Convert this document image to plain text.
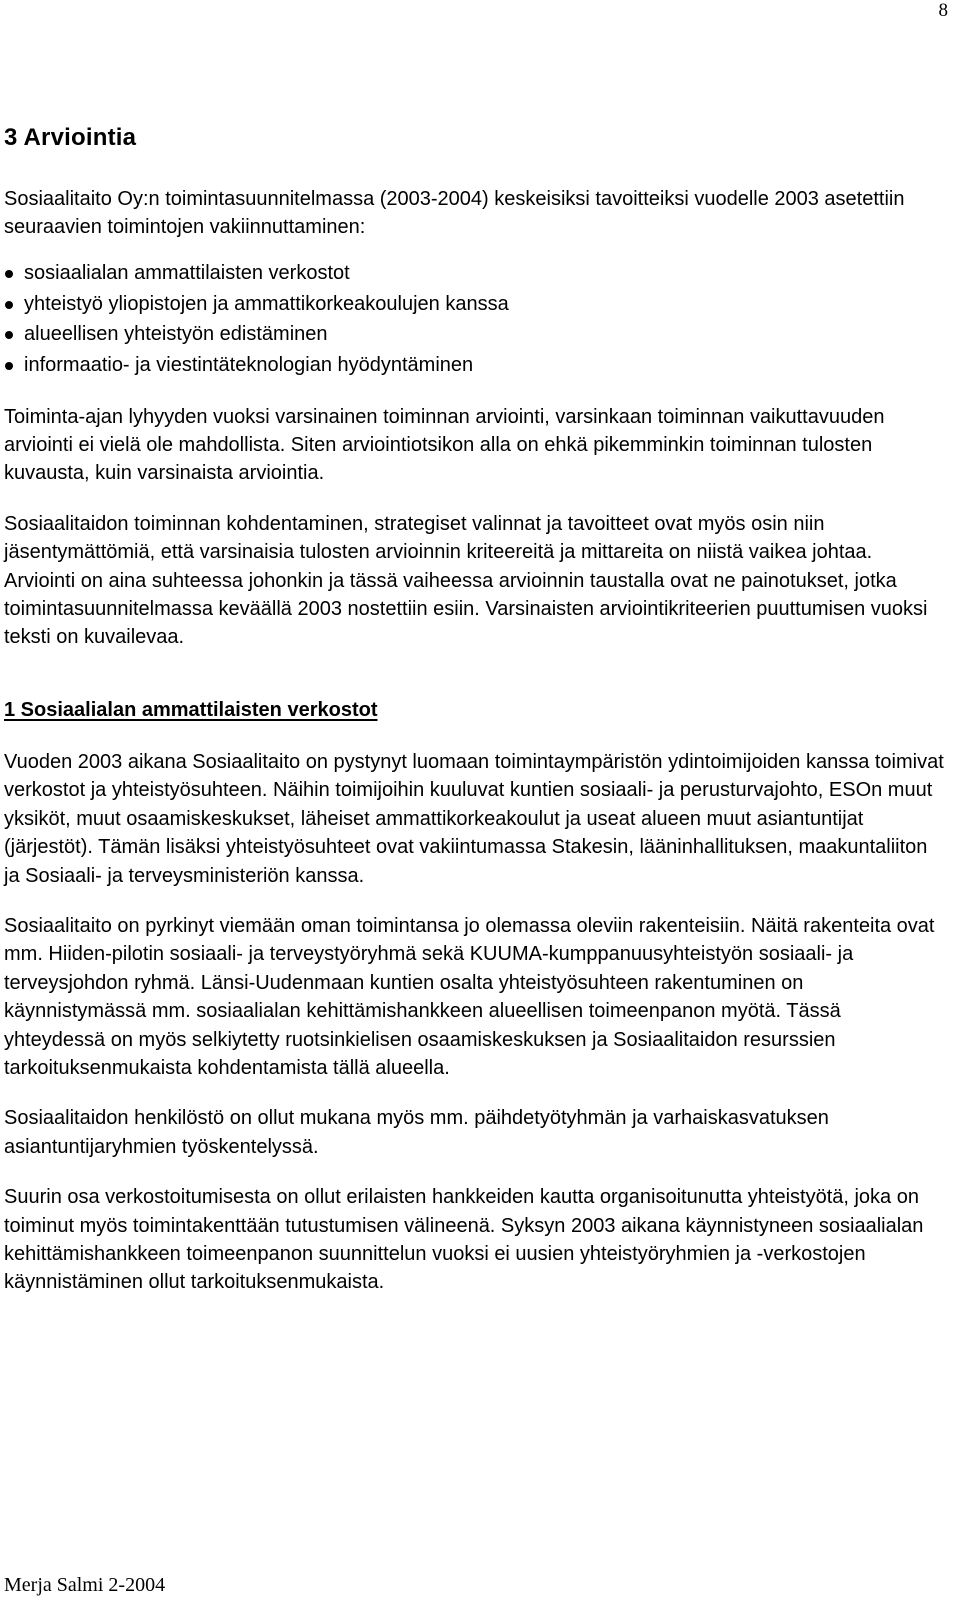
8
3 Arviointia

Sosiaalitaito Oy:n toimintasuunnitelmassa (2003-2004) keskeisiksi tavoitteiksi vuodelle 2003 asetettiin seuraavien toimintojen vakiinnuttaminen:

sosiaalialan ammattilaisten verkostot
yhteistyö yliopistojen ja ammattikorkeakoulujen kanssa
alueellisen yhteistyön edistäminen
informaatio- ja viestintäteknologian hyödyntäminen

Toiminta-ajan lyhyyden vuoksi varsinainen toiminnan arviointi, varsinkaan toiminnan vaikuttavuuden arviointi ei vielä ole mahdollista. Siten arviointiotsikon alla on ehkä pikemminkin toiminnan tulosten kuvausta, kuin varsinaista arviointia.

Sosiaalitaidon toiminnan kohdentaminen, strategiset valinnat ja tavoitteet ovat myös osin niin jäsentymättömiä, että varsinaisia tulosten arvioinnin kriteereitä ja mittareita on niistä vaikea johtaa. Arviointi on aina suhteessa johonkin ja tässä vaiheessa arvioinnin taustalla ovat ne painotukset, jotka toimintasuunnitelmassa keväällä 2003 nostettiin esiin. Varsinaisten arviointikriteerien puuttumisen vuoksi teksti on kuvailevaa.

1 Sosiaalialan ammattilaisten verkostot

Vuoden 2003 aikana Sosiaalitaito on pystynyt luomaan toimintaympäristön ydintoimijoiden kanssa toimivat verkostot ja yhteistyösuhteen. Näihin toimijoihin kuuluvat kuntien sosiaali- ja perusturvajohto, ESOn muut yksiköt, muut osaamiskeskukset, läheiset ammattikorkeakoulut ja useat alueen muut asiantuntijat (järjestöt). Tämän lisäksi yhteistyösuhteet ovat vakiintumassa Stakesin, lääninhallituksen, maakuntaliiton ja Sosiaali- ja terveysministeriön kanssa.

Sosiaalitaito on pyrkinyt viemään oman toimintansa jo olemassa oleviin rakenteisiin. Näitä rakenteita ovat mm. Hiiden-pilotin sosiaali- ja terveystyöryhmä sekä KUUMA-kumppanuusyhteistyön sosiaali- ja terveysjohdon ryhmä. Länsi-Uudenmaan kuntien osalta yhteistyösuhteen rakentuminen on käynnistymässä mm. sosiaalialan kehittämishankkeen alueellisen toimeenpanon myötä. Tässä yhteydessä on myös selkiytetty ruotsinkielisen osaamiskeskuksen ja Sosiaalitaidon resurssien tarkoituksenmukaista kohdentamista tällä alueella.

Sosiaalitaidon henkilöstö on ollut mukana myös mm. päihdetyötyhmän ja varhaiskasvatuksen asiantuntijaryhmien työskentelyssä.

Suurin osa verkostoitumisesta on ollut erilaisten hankkeiden kautta organisoitunutta yhteistyötä, joka on toiminut myös toimintakenttään tutustumisen välineenä. Syksyn 2003 aikana käynnistyneen sosiaalialan kehittämishankkeen toimeenpanon suunnittelun vuoksi ei uusien yhteistyöryhmien ja -verkostojen käynnistäminen ollut tarkoituksenmukaista.

Merja Salmi 2-2004
